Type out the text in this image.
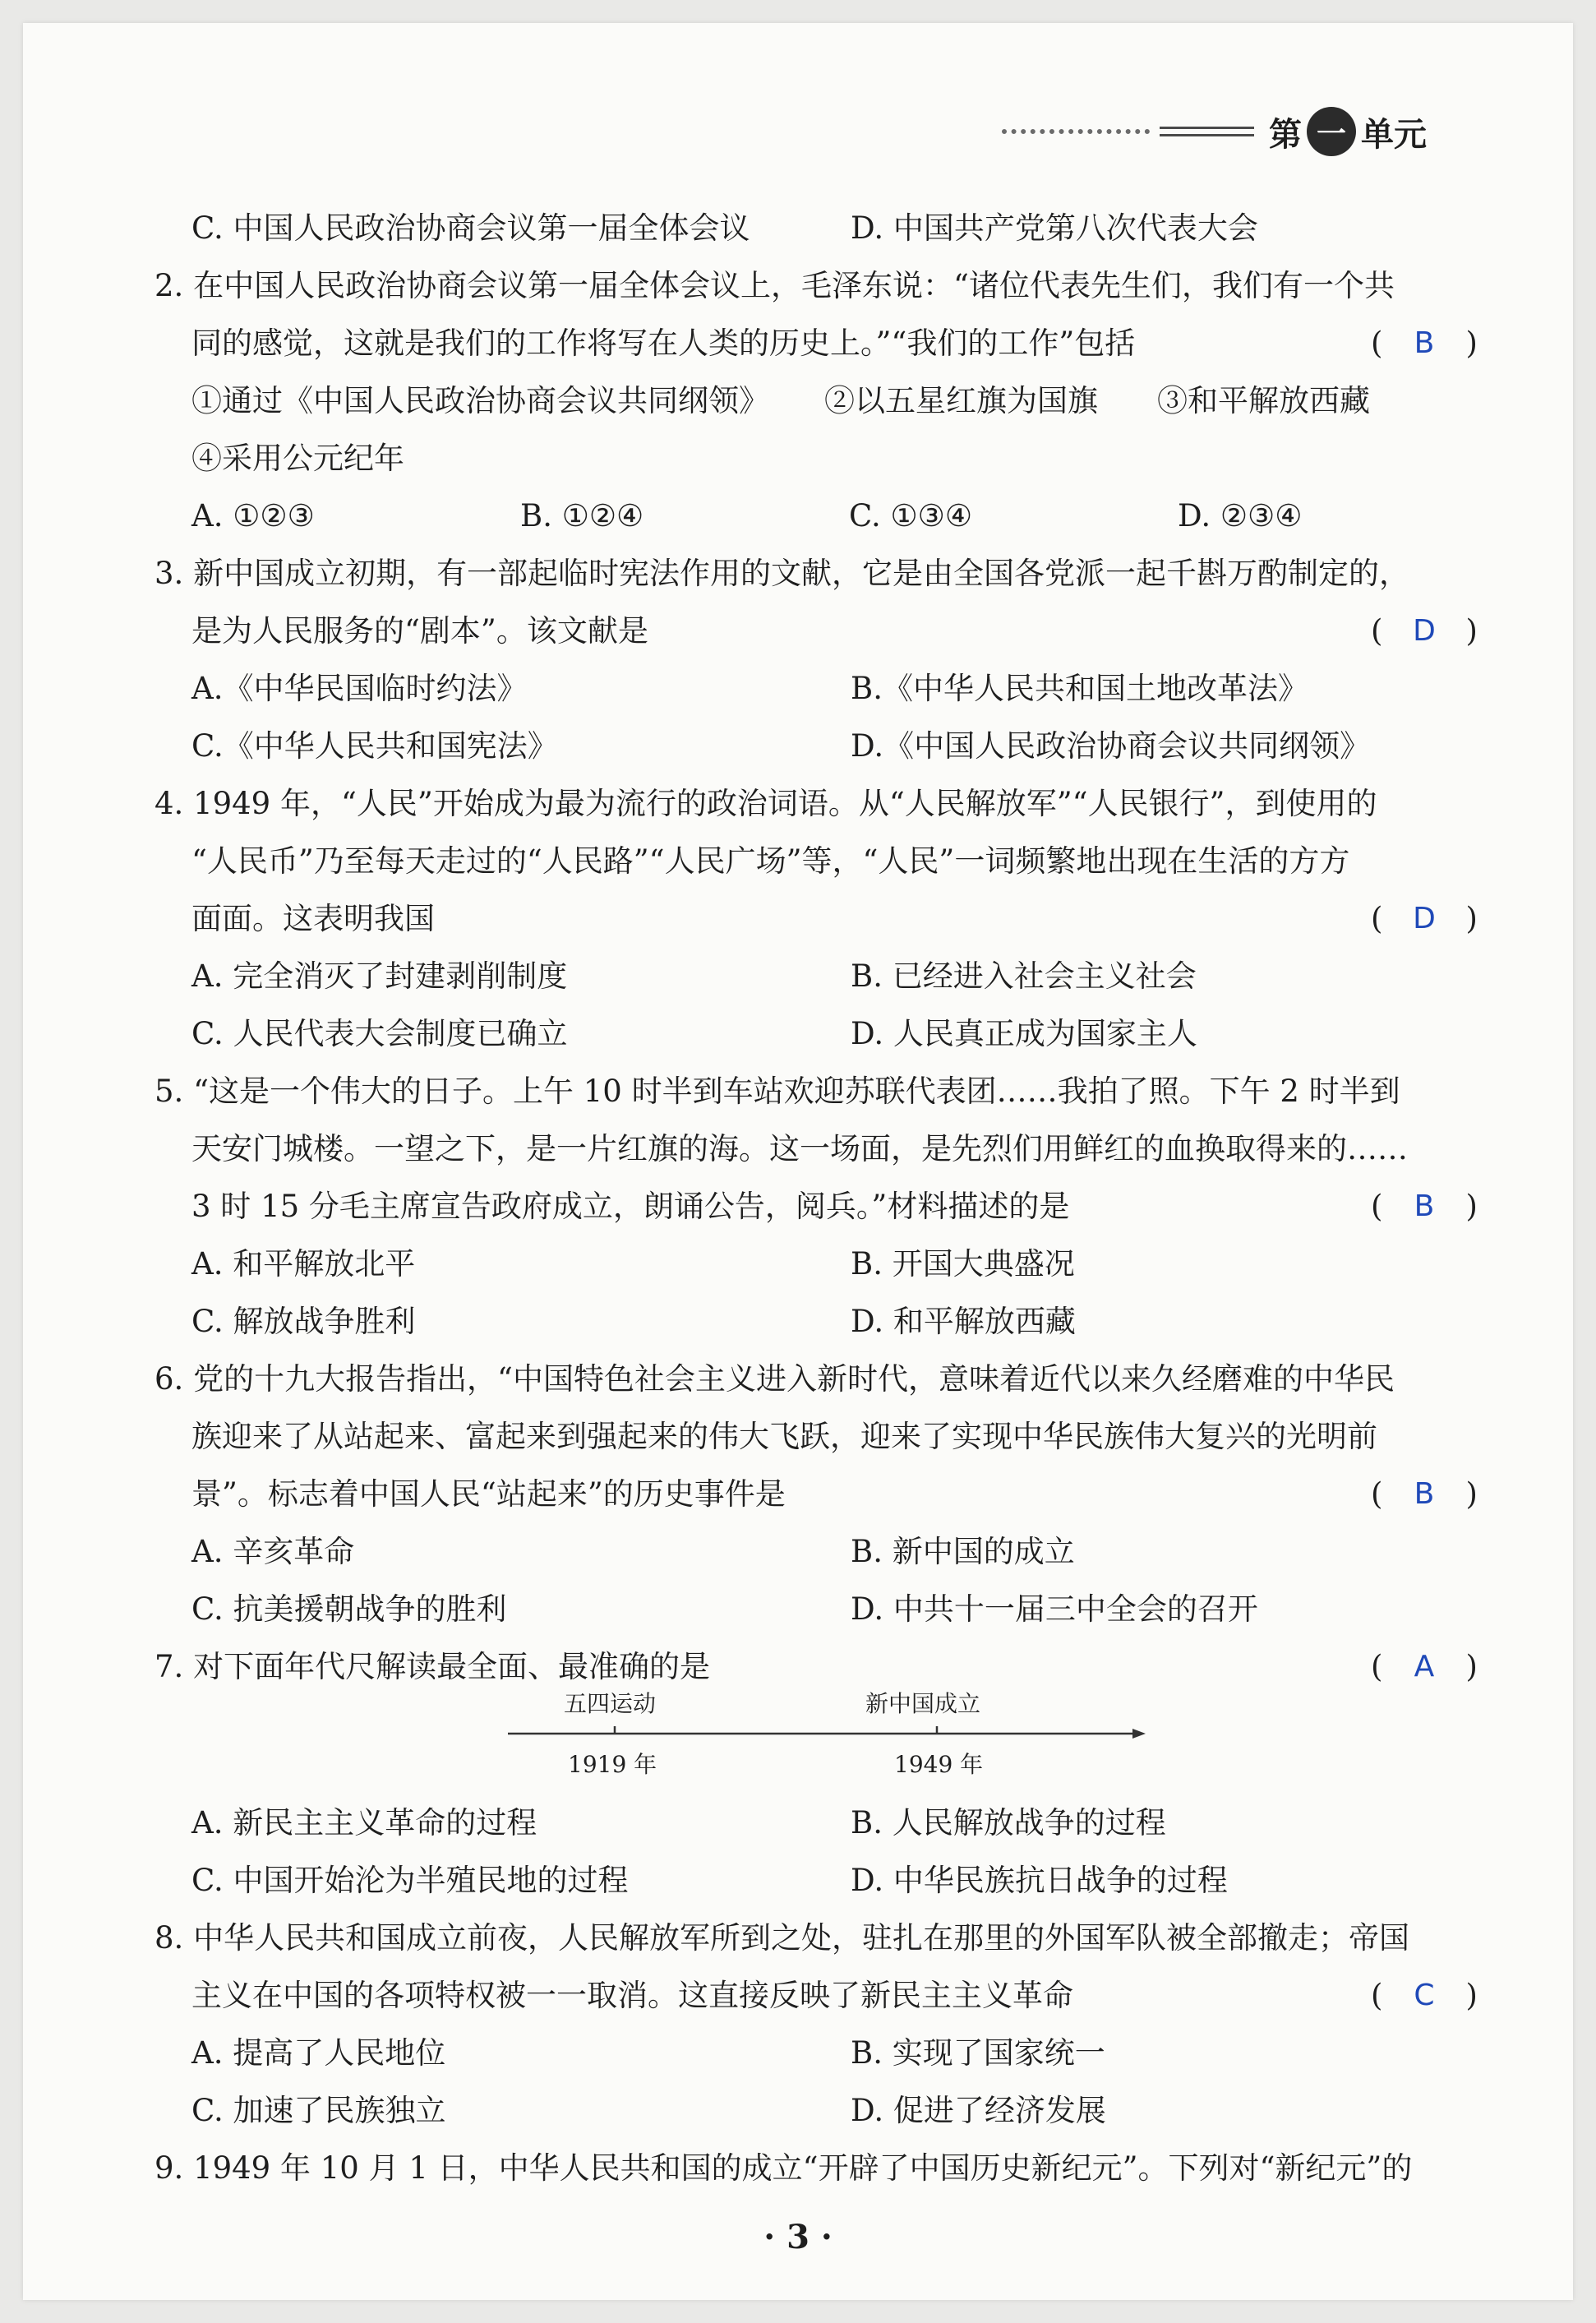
第 一 单元
C. 中国人民政治协商会议第一届全体会议	D. 中国共产党第八次代表大会
2. 在中国人民政治协商会议第一届全体会议上，毛泽东说：“诸位代表先生们，我们有一个共
同的感觉，这就是我们的工作将写在人类的历史上。”“我们的工作”包括	( B )
①通过《中国人民政治协商会议共同纲领》 ②以五星红旗为国旗 ③和平解放西藏
④采用公元纪年
A. ①②③	B. ①②④	C. ①③④	D. ②③④
3. 新中国成立初期，有一部起临时宪法作用的文献，它是由全国各党派一起千斟万酌制定的，
是为人民服务的“剧本”。该文献是	( D )
A.《中华民国临时约法》	B.《中华人民共和国土地改革法》
C.《中华人民共和国宪法》	D.《中国人民政治协商会议共同纲领》
4. 1949 年，“人民”开始成为最为流行的政治词语。从“人民解放军”“人民银行”，到使用的
“人民币”乃至每天走过的“人民路”“人民广场”等，“人民”一词频繁地出现在生活的方方
面面。这表明我国	( D )
A. 完全消灭了封建剥削制度	B. 已经进入社会主义社会
C. 人民代表大会制度已确立	D. 人民真正成为国家主人
5. “这是一个伟大的日子。上午 10 时半到车站欢迎苏联代表团……我拍了照。下午 2 时半到
天安门城楼。一望之下，是一片红旗的海。这一场面，是先烈们用鲜红的血换取得来的……
3 时 15 分毛主席宣告政府成立，朗诵公告，阅兵。”材料描述的是	( B )
A. 和平解放北平	B. 开国大典盛况
C. 解放战争胜利	D. 和平解放西藏
6. 党的十九大报告指出，“中国特色社会主义进入新时代，意味着近代以来久经磨难的中华民
族迎来了从站起来、富起来到强起来的伟大飞跃，迎来了实现中华民族伟大复兴的光明前
景”。标志着中国人民“站起来”的历史事件是	( B )
A. 辛亥革命	B. 新中国的成立
C. 抗美援朝战争的胜利	D. 中共十一届三中全会的召开
7. 对下面年代尺解读最全面、最准确的是	( A )
五四运动	新中国成立
1919 年	1949 年
A. 新民主主义革命的过程	B. 人民解放战争的过程
C. 中国开始沦为半殖民地的过程	D. 中华民族抗日战争的过程
8. 中华人民共和国成立前夜，人民解放军所到之处，驻扎在那里的外国军队被全部撤走；帝国
主义在中国的各项特权被一一取消。这直接反映了新民主主义革命	( C )
A. 提高了人民地位	B. 实现了国家统一
C. 加速了民族独立	D. 促进了经济发展
9. 1949 年 10 月 1 日，中华人民共和国的成立“开辟了中国历史新纪元”。下列对“新纪元”的
· 3 ·
